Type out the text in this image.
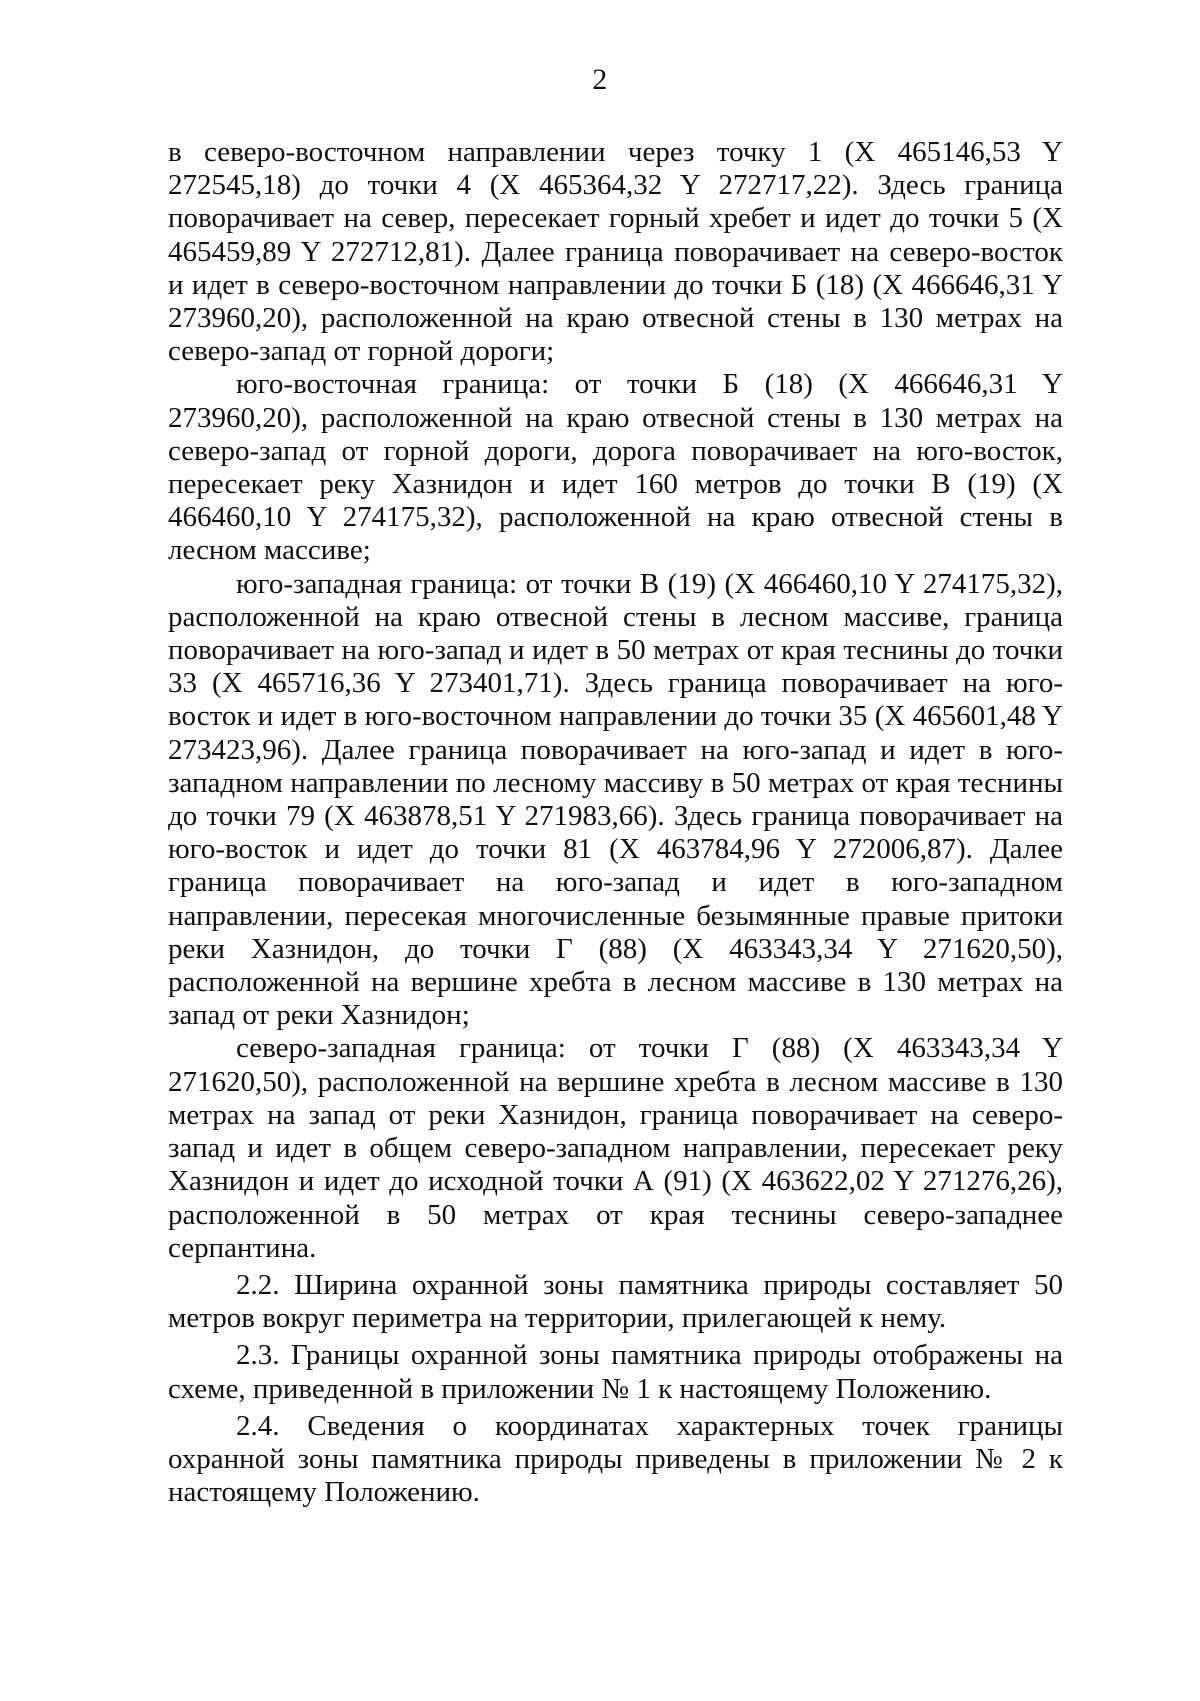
2

в северо-восточном направлении через точку 1 (X 465146,53 Y 272545,18) до точки 4 (X 465364,32 Y 272717,22). Здесь граница поворачивает на север, пересекает горный хребет и идет до точки 5 (X 465459,89 Y 272712,81). Далее граница поворачивает на северо-восток и идет в северо-восточном направлении до точки Б (18) (X 466646,31 Y 273960,20), расположенной на краю отвесной стены в 130 метрах на северо-запад от горной дороги;

юго-восточная граница: от точки Б (18) (X 466646,31 Y 273960,20), расположенной на краю отвесной стены в 130 метрах на северо-запад от горной дороги, дорога поворачивает на юго-восток, пересекает реку Хазнидон и идет 160 метров до точки В (19) (X 466460,10 Y 274175,32), расположенной на краю отвесной стены в лесном массиве;

юго-западная граница: от точки В (19) (X 466460,10 Y 274175,32), расположенной на краю отвесной стены в лесном массиве, граница поворачивает на юго-запад и идет в 50 метрах от края теснины до точки 33 (X 465716,36 Y 273401,71). Здесь граница поворачивает на юго-восток и идет в юго-восточном направлении до точки 35 (X 465601,48 Y 273423,96). Далее граница поворачивает на юго-запад и идет в юго-западном направлении по лесному массиву в 50 метрах от края теснины до точки 79 (X 463878,51 Y 271983,66). Здесь граница поворачивает на юго-восток и идет до точки 81 (X 463784,96 Y 272006,87). Далее граница поворачивает на юго-запад и идет в юго-западном направлении, пересекая многочисленные безымянные правые притоки реки Хазнидон, до точки Г (88) (X 463343,34 Y 271620,50), расположенной на вершине хребта в лесном массиве в 130 метрах на запад от реки Хазнидон;

северо-западная граница: от точки Г (88) (X 463343,34 Y 271620,50), расположенной на вершине хребта в лесном массиве в 130 метрах на запад от реки Хазнидон, граница поворачивает на северо-запад и идет в общем северо-западном направлении, пересекает реку Хазнидон и идет до исходной точки А (91) (X 463622,02 Y 271276,26), расположенной в 50 метрах от края теснины северо-западнее серпантина.

2.2. Ширина охранной зоны памятника природы составляет 50 метров вокруг периметра на территории, прилегающей к нему.

2.3. Границы охранной зоны памятника природы отображены на схеме, приведенной в приложении № 1 к настоящему Положению.

2.4. Сведения о координатах характерных точек границы охранной зоны памятника природы приведены в приложении № 2 к настоящему Положению.
